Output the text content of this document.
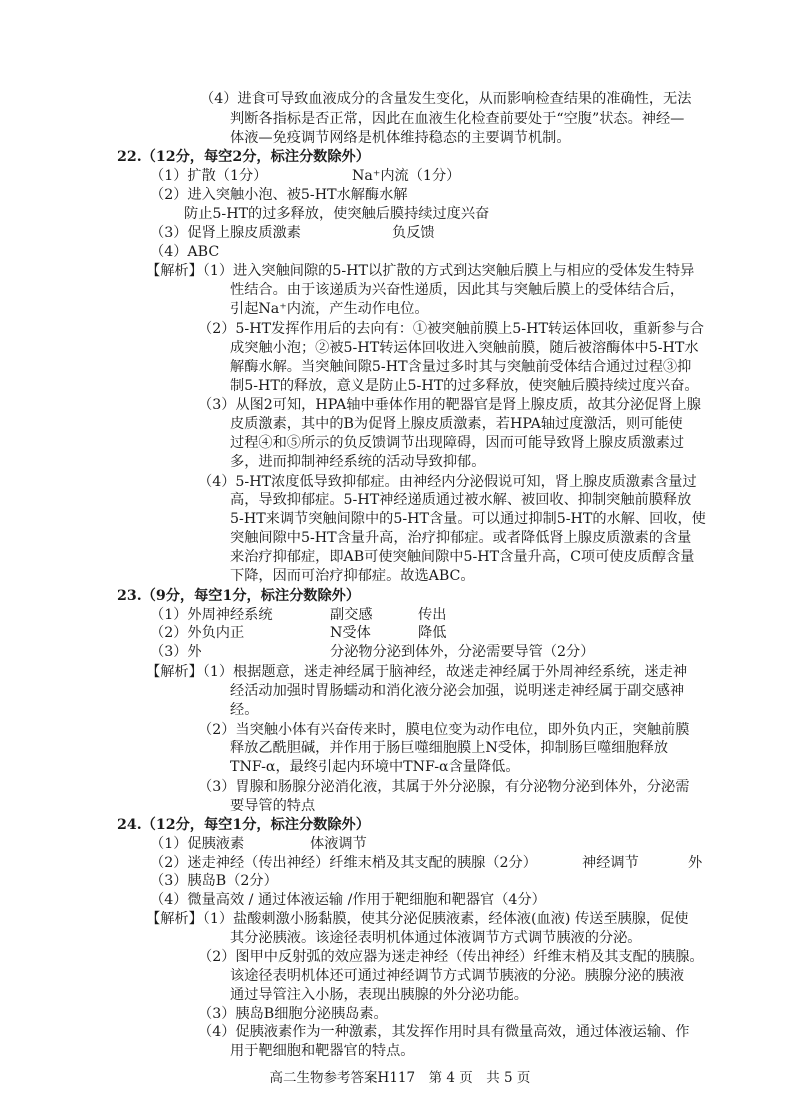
（4）进食可导致血液成分的含量发生变化，从而影响检查结果的准确性，无法
判断各指标是否正常，因此在血液生化检查前要处于“空腹”状态。神经—
体液—免疫调节网络是机体维持稳态的主要调节机制。
22.（12分，每空2分，标注分数除外）
（1）扩散（1分）	Na⁺内流（1分）
（2）进入突触小泡、被5-HT水解酶水解
防止5-HT的过多释放，使突触后膜持续过度兴奋
（3）促肾上腺皮质激素	负反馈
（4）ABC
【解析】（1）进入突触间隙的5-HT以扩散的方式到达突触后膜上与相应的受体发生特异
性结合。由于该递质为兴奋性递质，因此其与突触后膜上的受体结合后，
引起Na⁺内流，产生动作电位。
（2）5-HT发挥作用后的去向有：①被突触前膜上5-HT转运体回收，重新参与合
成突触小泡；②被5-HT转运体回收进入突触前膜，随后被溶酶体中5-HT水
解酶水解。当突触间隙5-HT含量过多时其与突触前受体结合通过过程③抑
制5-HT的释放，意义是防止5-HT的过多释放，使突触后膜持续过度兴奋。
（3）从图2可知，HPA轴中垂体作用的靶器官是肾上腺皮质，故其分泌促肾上腺
皮质激素，其中的B为促肾上腺皮质激素，若HPA轴过度激活，则可能使
过程④和⑤所示的负反馈调节出现障碍，因而可能导致肾上腺皮质激素过
多，进而抑制神经系统的活动导致抑郁。
（4）5-HT浓度低导致抑郁症。由神经内分泌假说可知，肾上腺皮质激素含量过
高，导致抑郁症。5-HT神经递质通过被水解、被回收、抑制突触前膜释放
5-HT来调节突触间隙中的5-HT含量。可以通过抑制5-HT的水解、回收，使
突触间隙中5-HT含量升高，治疗抑郁症。或者降低肾上腺皮质激素的含量
来治疗抑郁症，即AB可使突触间隙中5-HT含量升高，C项可使皮质醇含量
下降，因而可治疗抑郁症。故选ABC。
23.（9分，每空1分，标注分数除外）
（1）外周神经系统	副交感	传出
（2）外负内正	N受体	降低
（3）外	分泌物分泌到体外，分泌需要导管（2分）
【解析】（1）根据题意，迷走神经属于脑神经，故迷走神经属于外周神经系统，迷走神
经活动加强时胃肠蠕动和消化液分泌会加强，说明迷走神经属于副交感神
经。
（2）当突触小体有兴奋传来时，膜电位变为动作电位，即外负内正，突触前膜
释放乙酰胆碱，并作用于肠巨噬细胞膜上N受体，抑制肠巨噬细胞释放
TNF-α，最终引起内环境中TNF-α含量降低。
（3）胃腺和肠腺分泌消化液，其属于外分泌腺，有分泌物分泌到体外，分泌需
要导管的特点
24.（12分，每空1分，标注分数除外）
（1）促胰液素	体液调节
（2）迷走神经（传出神经）纤维末梢及其支配的胰腺（2分）	神经调节	外
（3）胰岛B（2分）
（4）微量高效 / 通过体液运输 /作用于靶细胞和靶器官（4分）
【解析】（1）盐酸刺激小肠黏膜，使其分泌促胰液素，经体液(血液) 传送至胰腺，促使
其分泌胰液。该途径表明机体通过体液调节方式调节胰液的分泌。
（2）图甲中反射弧的效应器为迷走神经（传出神经）纤维末梢及其支配的胰腺。
该途径表明机体还可通过神经调节方式调节胰液的分泌。胰腺分泌的胰液
通过导管注入小肠，表现出胰腺的外分泌功能。
（3）胰岛B细胞分泌胰岛素。
（4）促胰液素作为一种激素，其发挥作用时具有微量高效，通过体液运输、作
用于靶细胞和靶器官的特点。
高二生物参考答案H117　第 4 页　共 5 页
